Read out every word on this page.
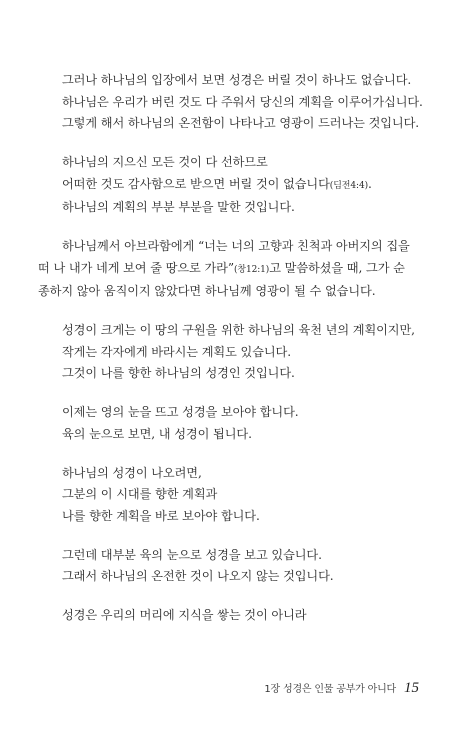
그러나 하나님의 입장에서 보면 성경은 버릴 것이 하나도 없습니다.
하나님은 우리가 버린 것도 다 주워서 당신의 계획을 이루어가십니다.
그렇게 해서 하나님의 온전함이 나타나고 영광이 드러나는 것입니다.

하나님의 지으신 모든 것이 다 선하므로
어떠한 것도 감사함으로 받으면 버릴 것이 없습니다(딤전4:4).
하나님의 계획의 부분 부분을 말한 것입니다.

하나님께서 아브라함에게 “너는 너의 고향과 친척과 아버지의 집을
떠 나 내가 네게 보여 줄 땅으로 가라”(창12:1)고 말씀하셨을 때, 그가 순
종하지 않아 움직이지 않았다면 하나님께 영광이 될 수 없습니다.

성경이 크게는 이 땅의 구원을 위한 하나님의 육천 년의 계획이지만,
작게는 각자에게 바라시는 계획도 있습니다.
그것이 나를 향한 하나님의 성경인 것입니다.

이제는 영의 눈을 뜨고 성경을 보아야 합니다.
육의 눈으로 보면, 내 성경이 됩니다.

하나님의 성경이 나오려면,
그분의 이 시대를 향한 계획과
나를 향한 계획을 바로 보아야 합니다.

그런데 대부분 육의 눈으로 성경을 보고 있습니다.
그래서 하나님의 온전한 것이 나오지 않는 것입니다.

성경은 우리의 머리에 지식을 쌓는 것이 아니라

1장 성경은 인물 공부가 아니다 15
